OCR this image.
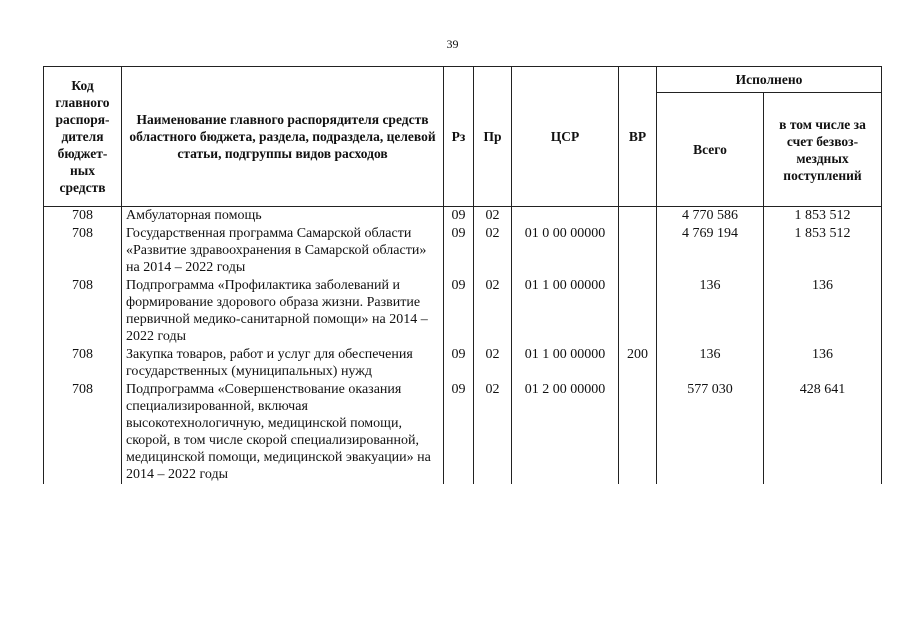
39
Код главного распоря-дителя бюджет-ных средств	Наименование главного распорядителя средств областного бюджета, раздела, подраздела, целевой статьи, подгруппы видов расходов	Рз	Пр	ЦСР	ВР	Исполнено	
						Всего	в том числе за счет безвоз-мездных поступлений
708	Амбулаторная помощь	09	02			4 770 586	1 853 512
708	Государственная программа Самарской области «Развитие здравоохранения в Самарской области» на 2014 – 2022 годы	09	02	01 0 00 00000		4 769 194	1 853 512
708	Подпрограмма «Профилактика заболеваний и формирование здорового образа жизни. Развитие первичной медико-санитарной помощи» на 2014 – 2022 годы	09	02	01 1 00 00000		136	136
708	Закупка товаров, работ и услуг для обеспечения государственных (муниципальных) нужд	09	02	01 1 00 00000	200	136	136
708	Подпрограмма «Совершенствование оказания специализированной, включая высокотехнологичную, медицинской помощи, скорой, в том числе скорой специализированной, медицинской помощи, медицинской эвакуации» на 2014 – 2022 годы	09	02	01 2 00 00000		577 030	428 641
